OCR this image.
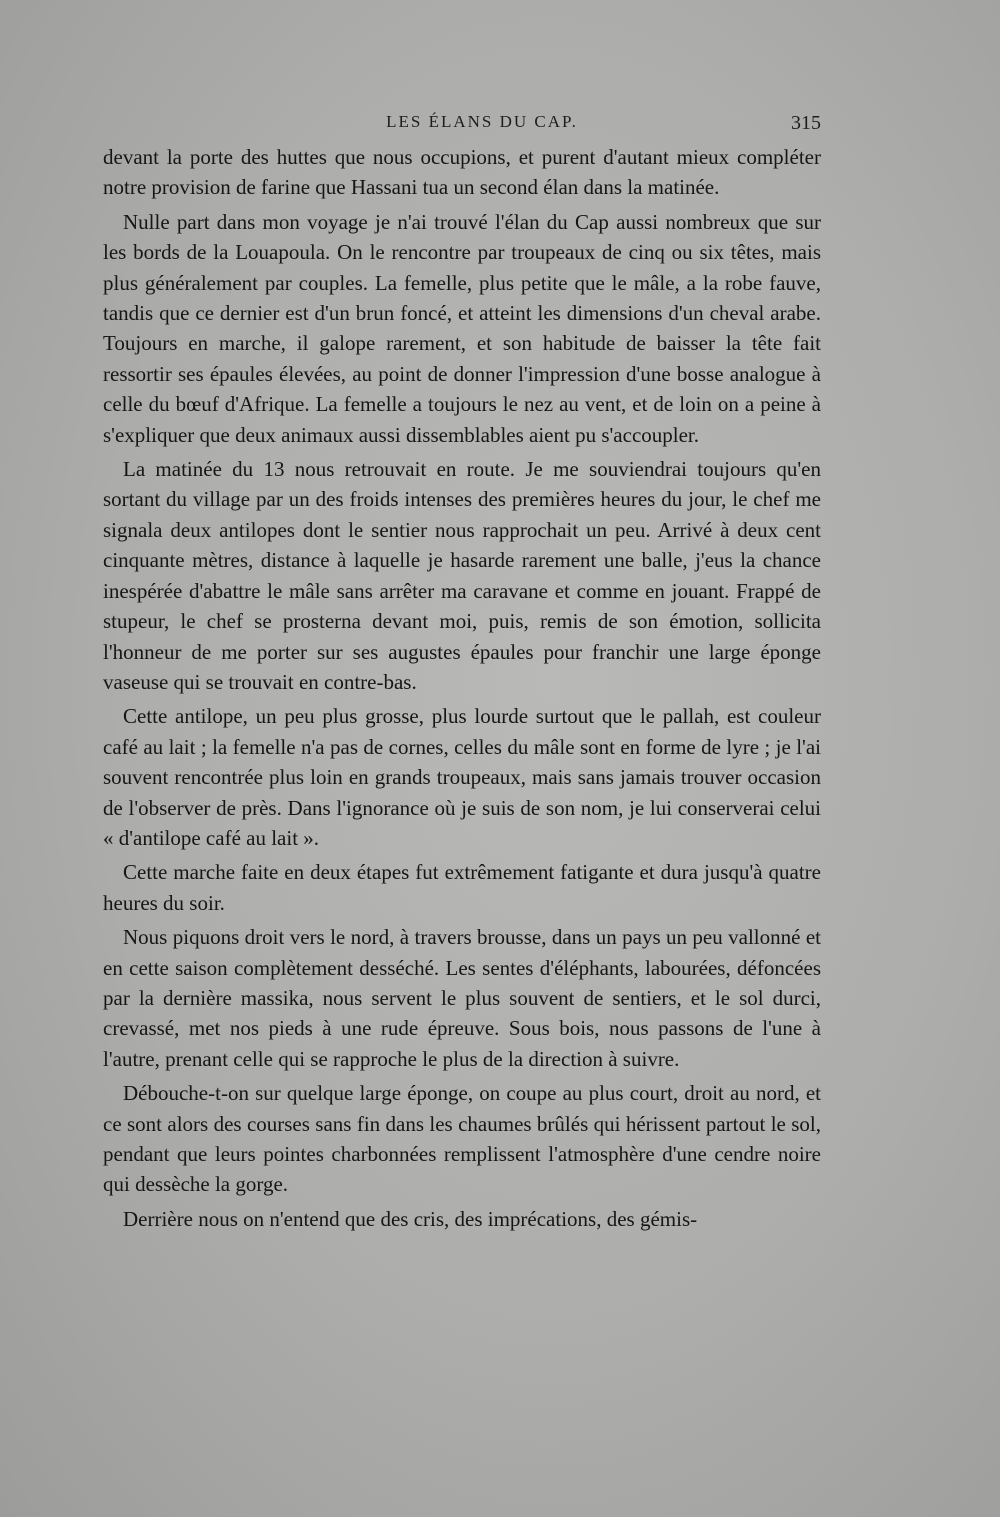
LES ÉLANS DU CAP.	315

devant la porte des huttes que nous occupions, et purent d'autant mieux compléter notre provision de farine que Hassani tua un second élan dans la matinée.

Nulle part dans mon voyage je n'ai trouvé l'élan du Cap aussi nombreux que sur les bords de la Louapoula. On le rencontre par troupeaux de cinq ou six têtes, mais plus généralement par couples. La femelle, plus petite que le mâle, a la robe fauve, tandis que ce dernier est d'un brun foncé, et atteint les dimensions d'un cheval arabe. Toujours en marche, il galope rarement, et son habitude de baisser la tête fait ressortir ses épaules élevées, au point de donner l'impression d'une bosse analogue à celle du bœuf d'Afrique. La femelle a toujours le nez au vent, et de loin on a peine à s'expliquer que deux animaux aussi dissemblables aient pu s'accoupler.

La matinée du 13 nous retrouvait en route. Je me souviendrai toujours qu'en sortant du village par un des froids intenses des premières heures du jour, le chef me signala deux antilopes dont le sentier nous rapprochait un peu. Arrivé à deux cent cinquante mètres, distance à laquelle je hasarde rarement une balle, j'eus la chance inespérée d'abattre le mâle sans arrêter ma caravane et comme en jouant. Frappé de stupeur, le chef se prosterna devant moi, puis, remis de son émotion, sollicita l'honneur de me porter sur ses augustes épaules pour franchir une large éponge vaseuse qui se trouvait en contre-bas.

Cette antilope, un peu plus grosse, plus lourde surtout que le pallah, est couleur café au lait ; la femelle n'a pas de cornes, celles du mâle sont en forme de lyre ; je l'ai souvent rencontrée plus loin en grands troupeaux, mais sans jamais trouver occasion de l'observer de près. Dans l'ignorance où je suis de son nom, je lui conserverai celui « d'antilope café au lait ».

Cette marche faite en deux étapes fut extrêmement fatigante et dura jusqu'à quatre heures du soir.

Nous piquons droit vers le nord, à travers brousse, dans un pays un peu vallonné et en cette saison complètement desséché. Les sentes d'éléphants, labourées, défoncées par la dernière massika, nous servent le plus souvent de sentiers, et le sol durci, crevassé, met nos pieds à une rude épreuve. Sous bois, nous passons de l'une à l'autre, prenant celle qui se rapproche le plus de la direction à suivre.

Débouche-t-on sur quelque large éponge, on coupe au plus court, droit au nord, et ce sont alors des courses sans fin dans les chaumes brûlés qui hérissent partout le sol, pendant que leurs pointes charbonnées remplissent l'atmosphère d'une cendre noire qui dessèche la gorge.

Derrière nous on n'entend que des cris, des imprécations, des gémis-
